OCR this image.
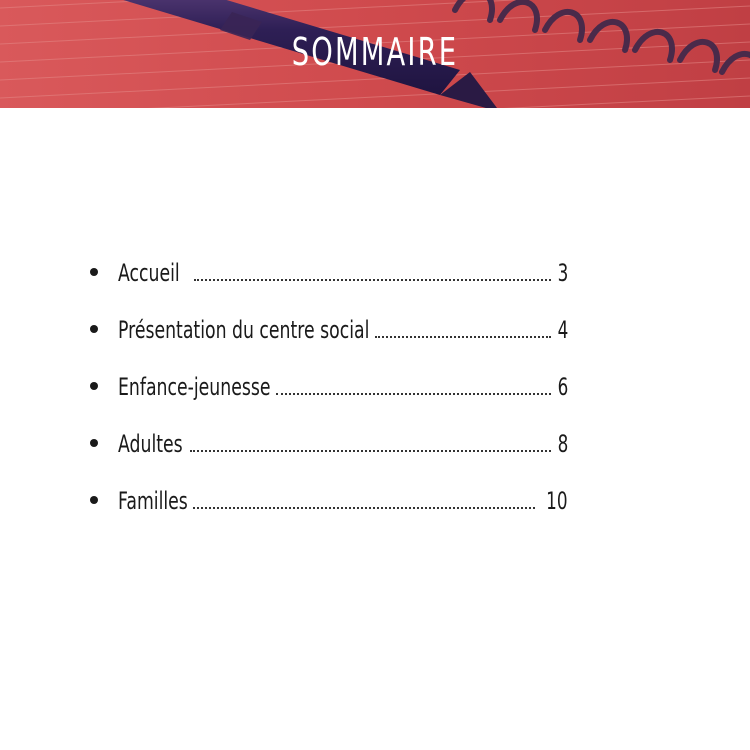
SOMMAIRE
Accueil	3
Présentation du centre social	4
Enfance-jeunesse	6
Adultes	8
Familles	10
